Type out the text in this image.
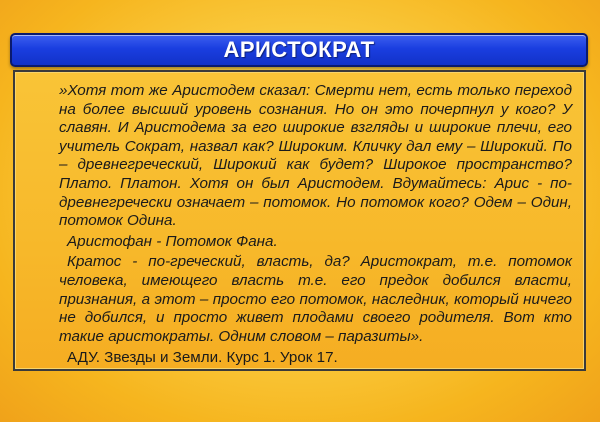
АРИСТОКРАТ

»Хотя тот же Аристодем сказал: Смерти нет, есть только переход на более высший уровень сознания. Но он это почерпнул у кого? У славян. И Аристодема за его широкие взгляды и широкие плечи, его учитель Сократ, назвал как? Широким. Кличку дал ему – Широкий. По – древнегреческий, Широкий как будет? Широкое пространство? Плато. Платон. Хотя он был Аристодем. Вдумайтесь: Арис - по- древнегречески означает – потомок. Но потомок кого? Одем – Один, потомок Одина.

Аристофан - Потомок Фана.

Кратос - по-греческий, власть, да? Аристократ, т.е. потомок человека, имеющего власть т.е. его предок добился власти, признания, а этот – просто его потомок, наследник, который ничего не добился, и просто живет плодами своего родителя. Вот кто такие аристократы. Одним словом – паразиты».

АДУ. Звезды и Земли. Курс 1. Урок 17.
